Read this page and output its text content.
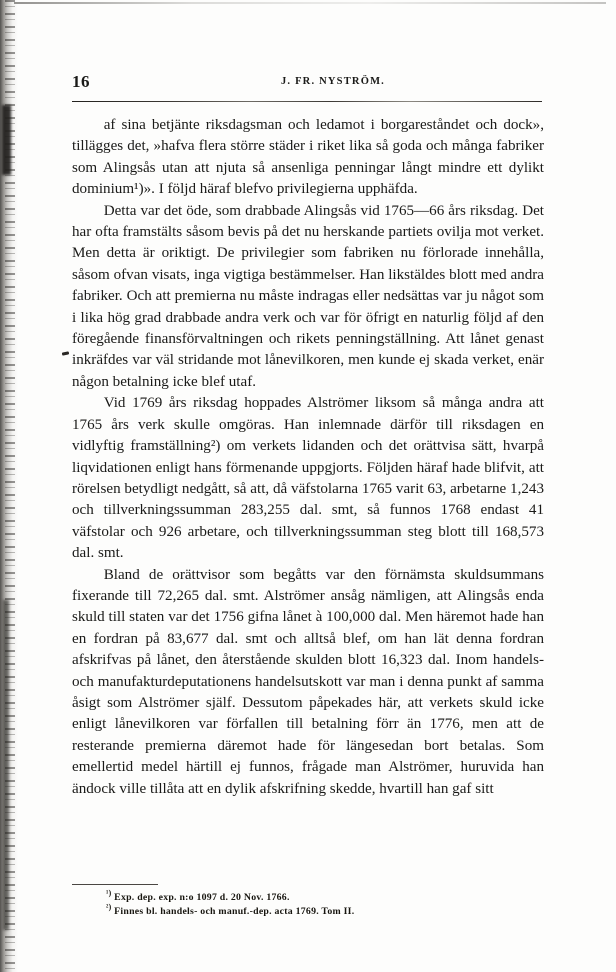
16	J. FR. NYSTRÖM.

af sina betjänte riksdagsman och ledamot i borgareståndet och dock», tillägges det, »hafva flera större städer i riket lika så goda och många fabriker som Alingsås utan att njuta så ansenliga penningar långt mindre ett dylikt dominium¹)». I följd häraf blefvo privilegierna upphäfda.

Detta var det öde, som drabbade Alingsås vid 1765—66 års riksdag. Det har ofta framstälts såsom bevis på det nu herskande partiets ovilja mot verket. Men detta är oriktigt. De privilegier som fabriken nu förlorade innehålla, såsom ofvan visats, inga vigtiga bestämmelser. Han likstäldes blott med andra fabriker. Och att premierna nu måste indragas eller nedsättas var ju något som i lika hög grad drabbade andra verk och var för öfrigt en naturlig följd af den föregående finansförvaltningen och rikets penningställning. Att lånet genast inkräfdes var väl stridande mot lånevilkoren, men kunde ej skada verket, enär någon betalning icke blef utaf.

Vid 1769 års riksdag hoppades Alströmer liksom så många andra att 1765 års verk skulle omgöras. Han inlemnade därför till riksdagen en vidlyftig framställning²) om verkets lidanden och det orättvisa sätt, hvarpå liqvidationen enligt hans förmenande uppgjorts. Följden häraf hade blifvit, att rörelsen betydligt nedgått, så att, då väfstolarna 1765 varit 63, arbetarne 1,243 och tillverkningssumman 283,255 dal. smt, så funnos 1768 endast 41 väfstolar och 926 arbetare, och tillverkningssumman steg blott till 168,573 dal. smt.

Bland de orättvisor som begåtts var den förnämsta skuldsummans fixerande till 72,265 dal. smt. Alströmer ansåg nämligen, att Alingsås enda skuld till staten var det 1756 gifna lånet à 100,000 dal. Men häremot hade han en fordran på 83,677 dal. smt och alltså blef, om han lät denna fordran afskrifvas på lånet, den återstående skulden blott 16,323 dal. Inom handels- och manufakturdeputationens handelsutskott var man i denna punkt af samma åsigt som Alströmer själf. Dessutom påpekades här, att verkets skuld icke enligt lånevilkoren var förfallen till betalning förr än 1776, men att de resterande premierna däremot hade för längesedan bort betalas. Som emellertid medel härtill ej funnos, frågade man Alströmer, huruvida han ändock ville tillåta att en dylik afskrifning skedde, hvartill han gaf sitt

$^{^1)}$ Exp. dep. exp. n:o 1097 d. 20 Nov. 1766.
$^{^2)}$ Finnes bl. handels- och manuf.-dep. acta 1769. Tom II.
